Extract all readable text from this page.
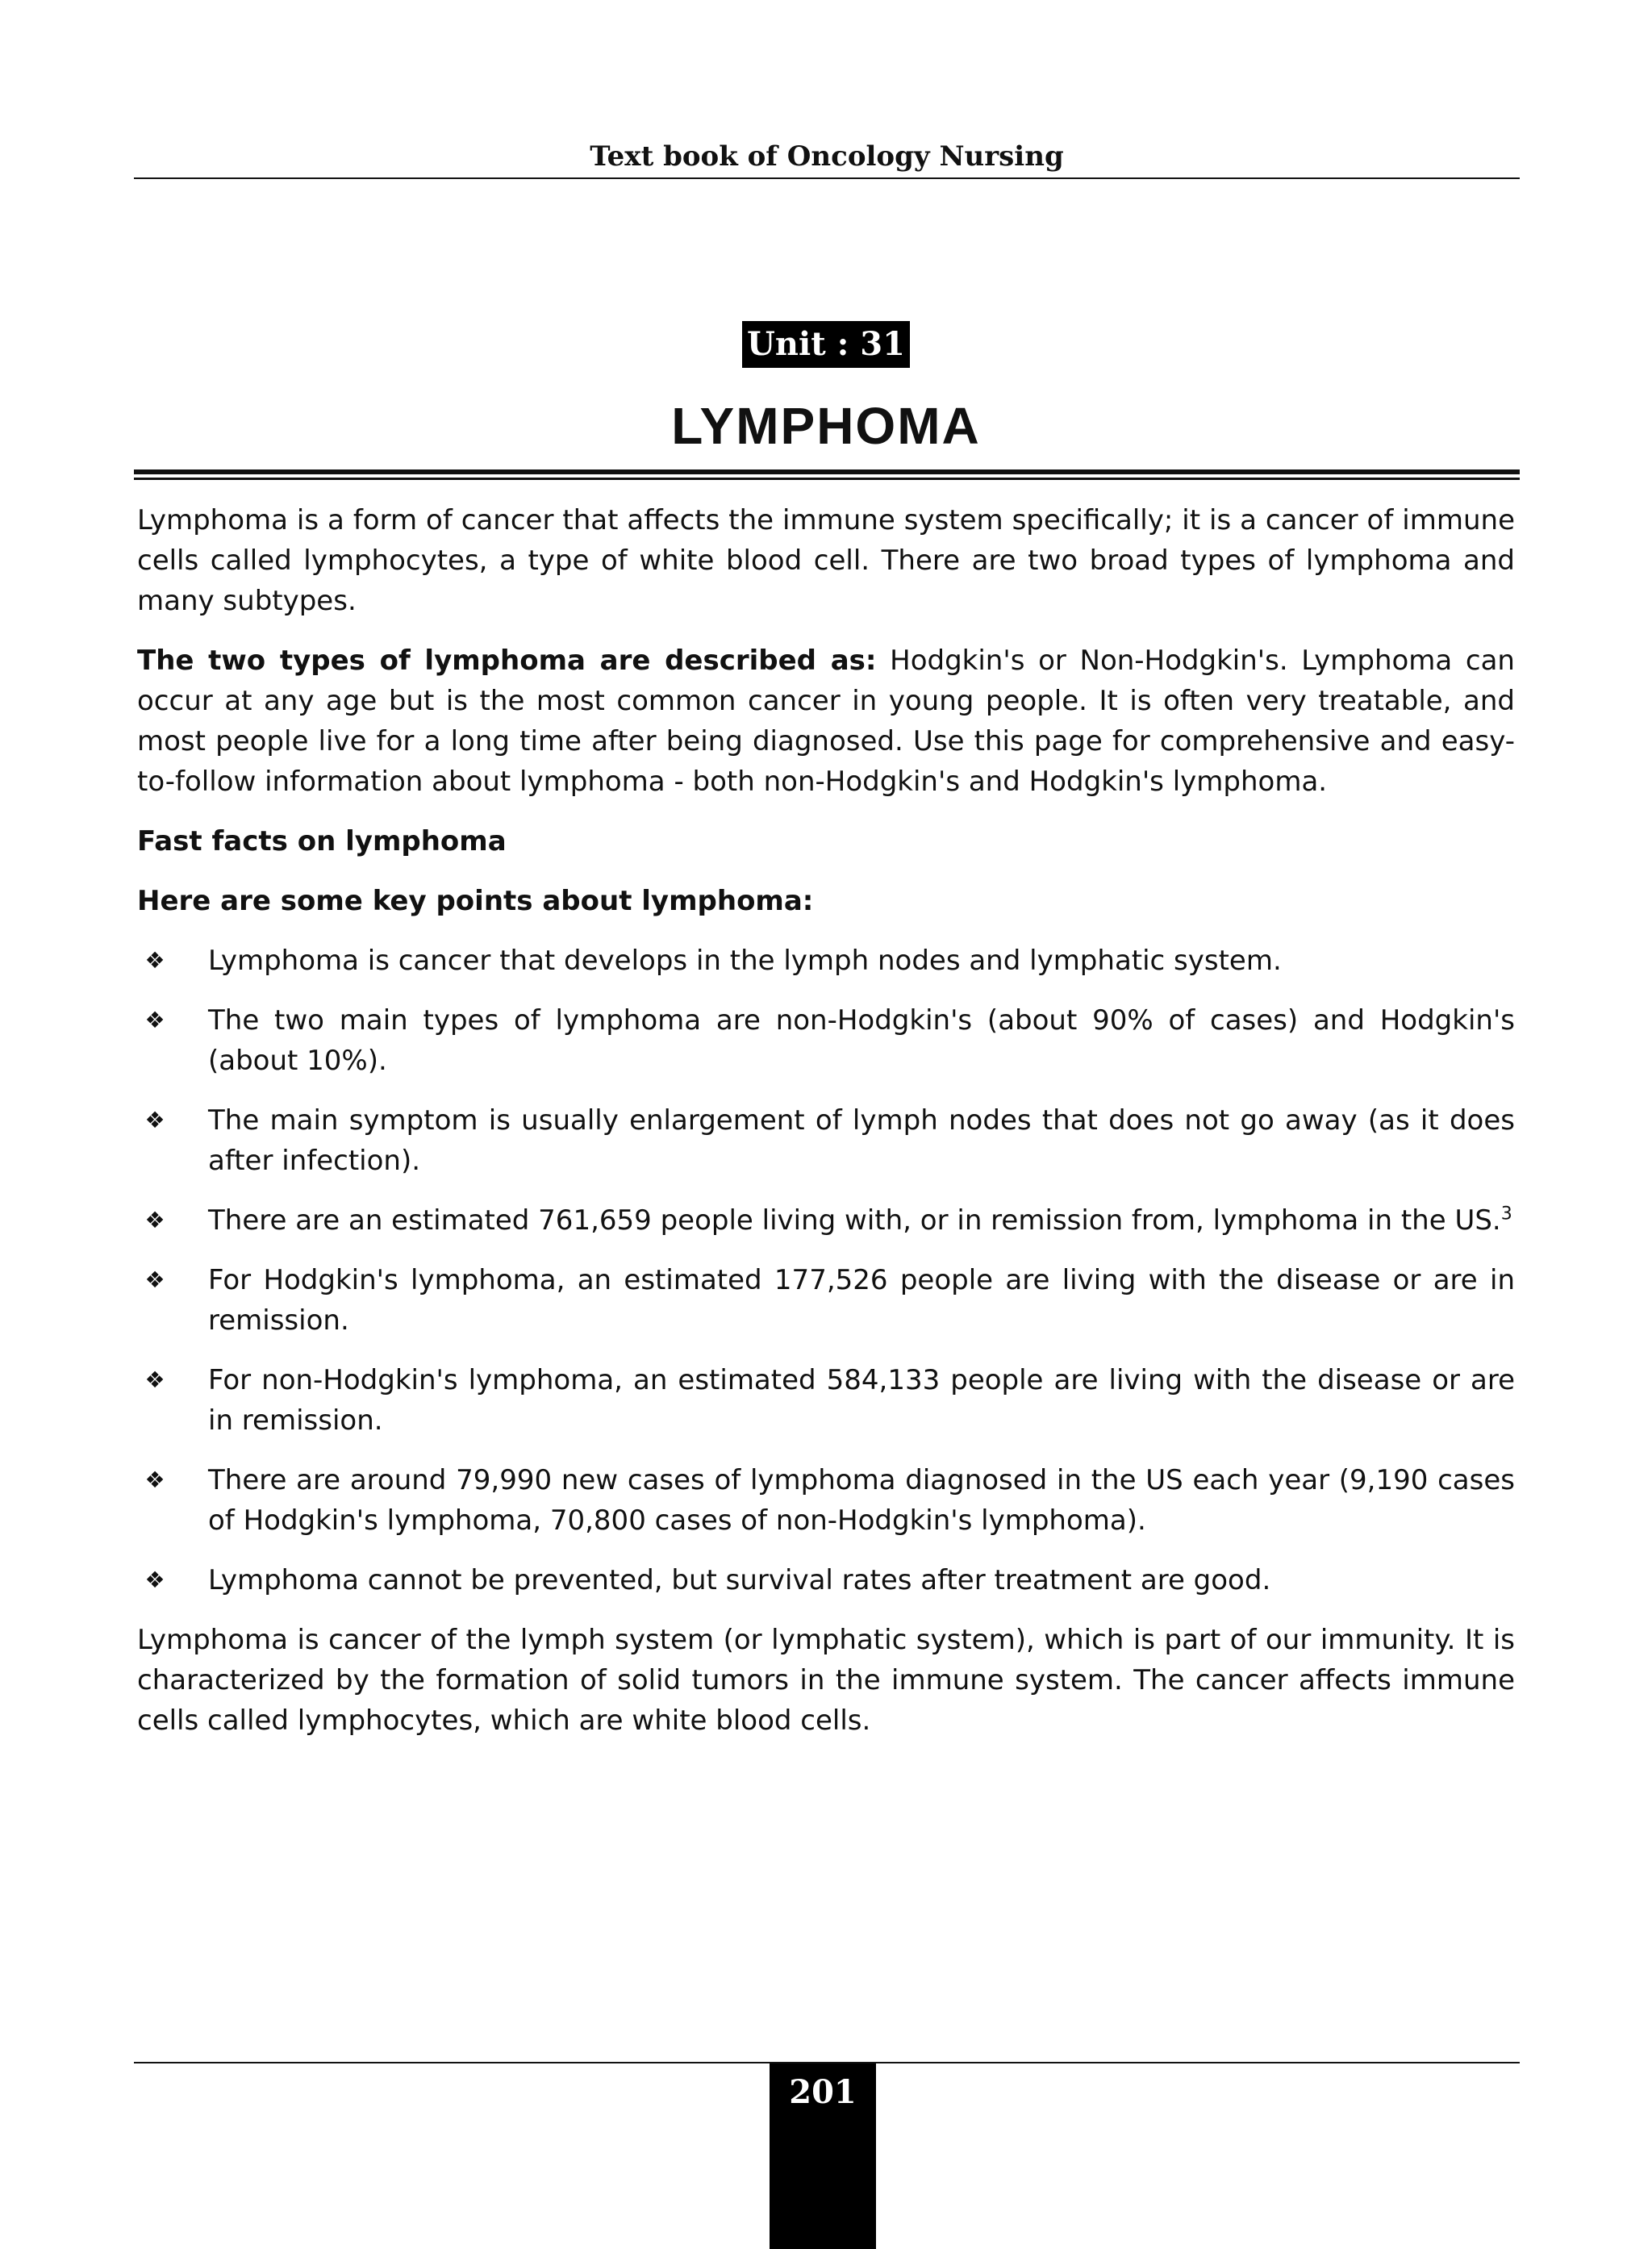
Text book of Oncology Nursing
Unit : 31
LYMPHOMA

Lymphoma is a form of cancer that affects the immune system specifically; it is a cancer of immune cells called lymphocytes, a type of white blood cell. There are two broad types of lymphoma and many subtypes.

The two types of lymphoma are described as: Hodgkin's or Non-Hodgkin's. Lymphoma can occur at any age but is the most common cancer in young people. It is often very treatable, and most people live for a long time after being diagnosed. Use this page for comprehensive and easy-to-follow information about lymphoma - both non-Hodgkin's and Hodgkin's lymphoma.

Fast facts on lymphoma
Here are some key points about lymphoma:
❖ Lymphoma is cancer that develops in the lymph nodes and lymphatic system.
❖ The two main types of lymphoma are non-Hodgkin's (about 90% of cases) and Hodgkin's (about 10%).
❖ The main symptom is usually enlargement of lymph nodes that does not go away (as it does after infection).
❖ There are an estimated 761,659 people living with, or in remission from, lymphoma in the US.$^3$
❖ For Hodgkin's lymphoma, an estimated 177,526 people are living with the disease or are in remission.
❖ For non-Hodgkin's lymphoma, an estimated 584,133 people are living with the disease or are in remission.
❖ There are around 79,990 new cases of lymphoma diagnosed in the US each year (9,190 cases of Hodgkin's lymphoma, 70,800 cases of non-Hodgkin's lymphoma).
❖ Lymphoma cannot be prevented, but survival rates after treatment are good.

Lymphoma is cancer of the lymph system (or lymphatic system), which is part of our immunity. It is characterized by the formation of solid tumors in the immune system. The cancer affects immune cells called lymphocytes, which are white blood cells.

201
